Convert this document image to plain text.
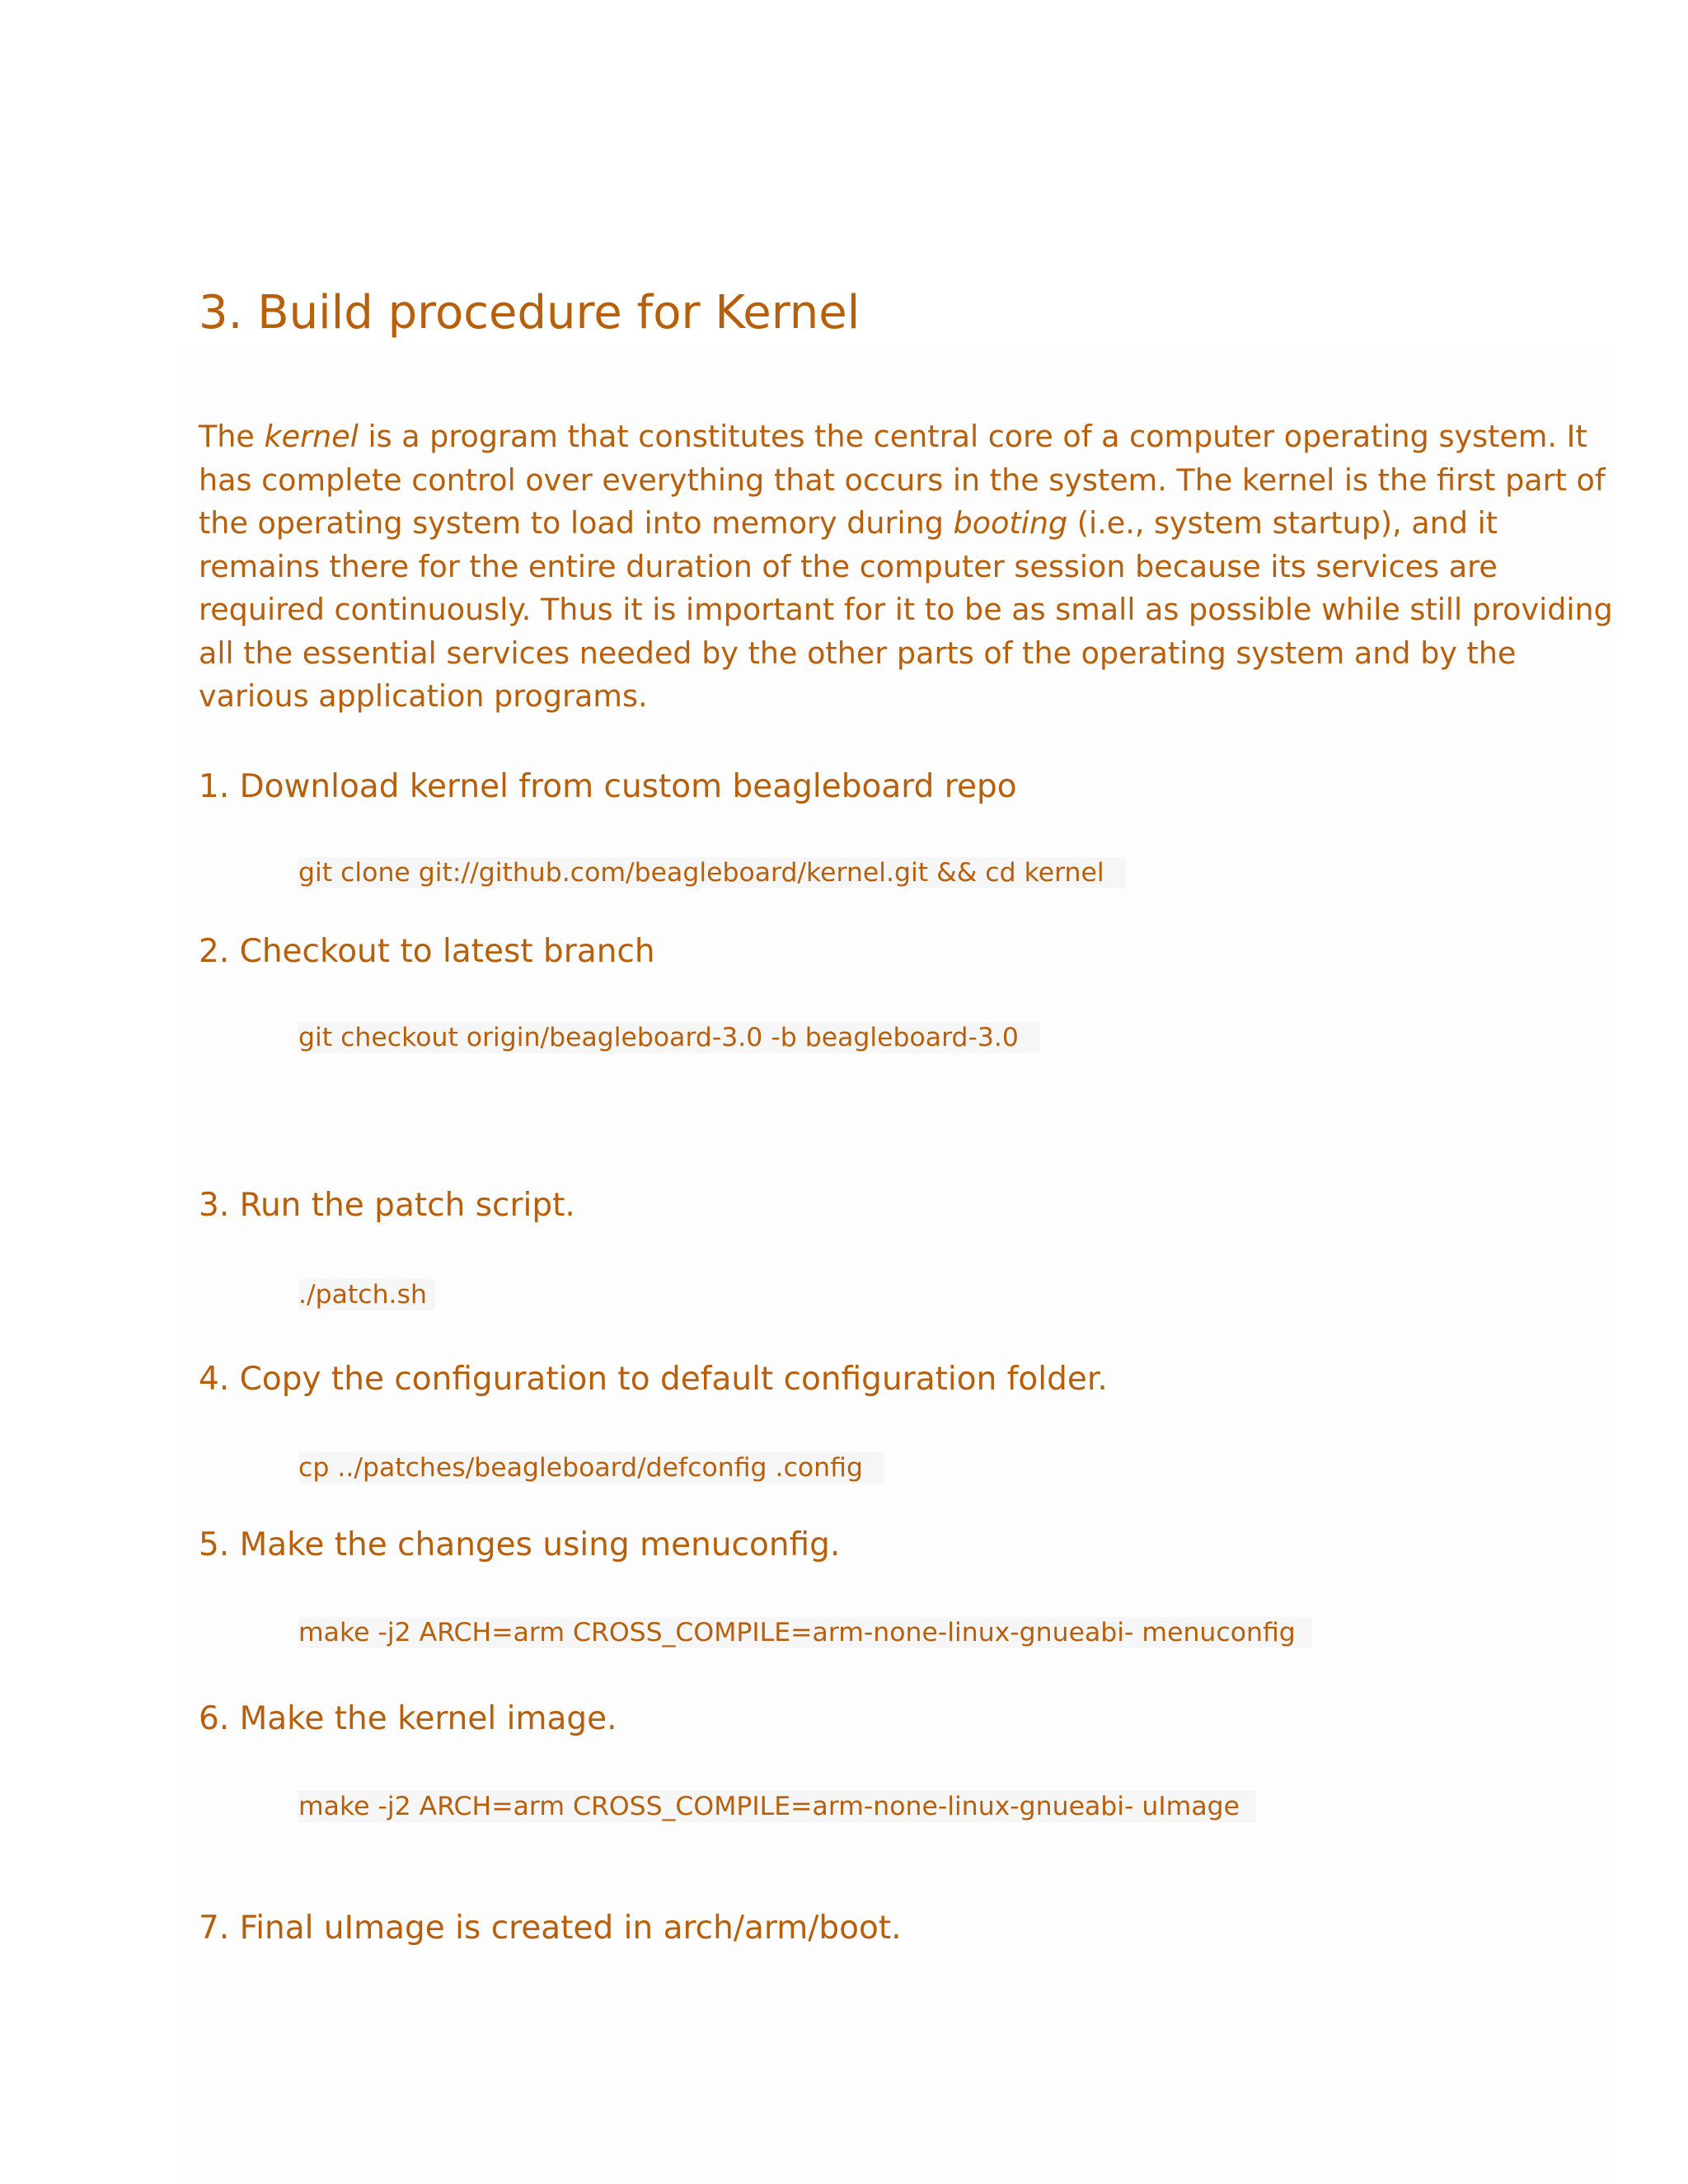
3. Build procedure for Kernel

The kernel is a program that constitutes the central core of a computer operating system. It has complete control over everything that occurs in the system. The kernel is the first part of the operating system to load into memory during booting (i.e., system startup), and it remains there for the entire duration of the computer session because its services are required continuously. Thus it is important for it to be as small as possible while still providing all the essential services needed by the other parts of the operating system and by the various application programs.

1. Download kernel from custom beagleboard repo

git clone git://github.com/beagleboard/kernel.git && cd kernel

2. Checkout to latest branch

git checkout origin/beagleboard-3.0 -b beagleboard-3.0

3. Run the patch script.

./patch.sh

4. Copy the configuration to default configuration folder.

cp ../patches/beagleboard/defconfig .config

5. Make the changes using menuconfig.

make -j2 ARCH=arm CROSS_COMPILE=arm-none-linux-gnueabi- menuconfig

6. Make the kernel image.

make -j2 ARCH=arm CROSS_COMPILE=arm-none-linux-gnueabi- uImage

7. Final uImage is created in arch/arm/boot.
